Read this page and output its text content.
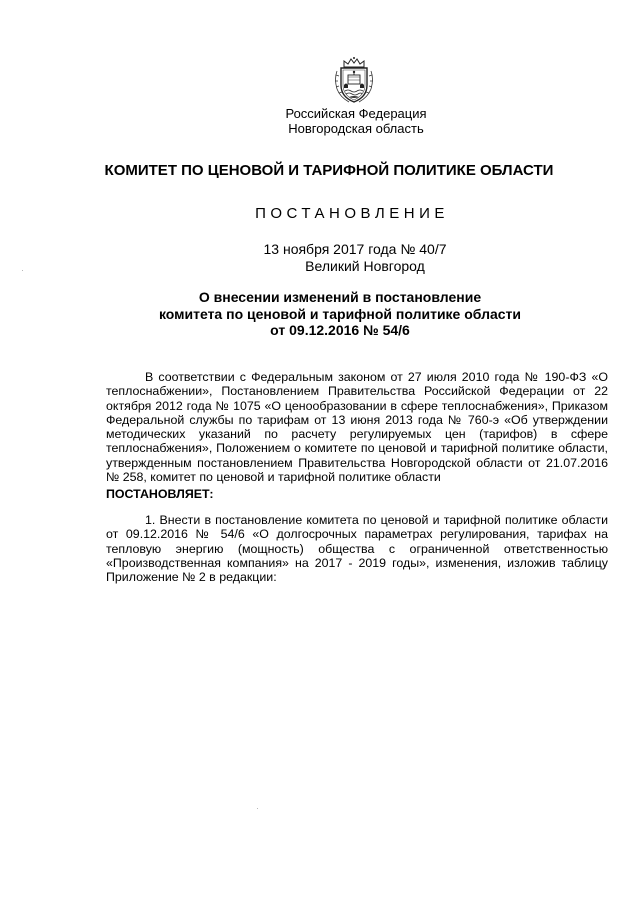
Российская Федерация
Новгородская область
КОМИТЕТ ПО ЦЕНОВОЙ И ТАРИФНОЙ ПОЛИТИКЕ ОБЛАСТИ
ПОСТАНОВЛЕНИЕ
13 ноября 2017 года № 40/7
Великий Новгород
О внесении изменений в постановление
комитета по ценовой и тарифной политике области
от 09.12.2016 № 54/6
В соответствии с Федеральным законом от 27 июля 2010 года № 190-ФЗ «О теплоснабжении», Постановлением Правительства Российской Федерации от 22 октября 2012 года № 1075 «О ценообразовании в сфере теплоснабжения», Приказом Федеральной службы по тарифам от 13 июня 2013 года № 760-э «Об утверждении методических указаний по расчету регулируемых цен (тарифов) в сфере теплоснабжения», Положением о комитете по ценовой и тарифной политике области, утвержденным постановлением Правительства Новгородской области от 21.07.2016 № 258, комитет по ценовой и тарифной политике области
ПОСТАНОВЛЯЕТ:
1. Внести в постановление комитета по ценовой и тарифной политике области от 09.12.2016 № 54/6 «О долгосрочных параметрах регулирования, тарифах на тепловую энергию (мощность) общества с ограниченной ответственностью «Производственная компания» на 2017 - 2019 годы», изменения, изложив таблицу Приложение № 2 в редакции:
